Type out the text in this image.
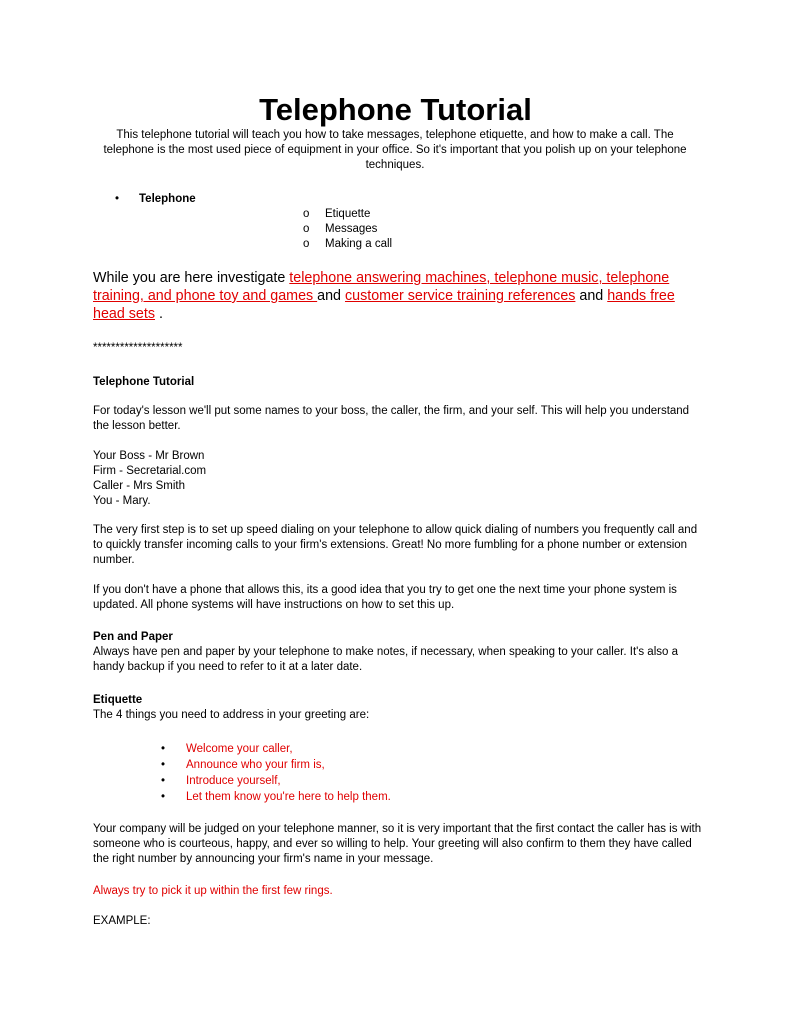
Telephone Tutorial

This telephone tutorial will teach you how to take messages, telephone etiquette, and how to make a call. The telephone is the most used piece of equipment in your office. So it's important that you polish up on your telephone techniques.

• Telephone
o Etiquette
o Messages
o Making a call

While you are here investigate telephone answering machines, telephone music, telephone training, and phone toy and games and customer service training references and hands free head sets .

********************

Telephone Tutorial

For today's lesson we'll put some names to your boss, the caller, the firm, and your self. This will help you understand the lesson better.

Your Boss - Mr Brown
Firm - Secretarial.com
Caller - Mrs Smith
You - Mary.

The very first step is to set up speed dialing on your telephone to allow quick dialing of numbers you frequently call and to quickly transfer incoming calls to your firm's extensions. Great! No more fumbling for a phone number or extension number.

If you don't have a phone that allows this, its a good idea that you try to get one the next time your phone system is updated. All phone systems will have instructions on how to set this up.

Pen and Paper
Always have pen and paper by your telephone to make notes, if necessary, when speaking to your caller. It's also a handy backup if you need to refer to it at a later date.
Etiquette
The 4 things you need to address in your greeting are:
• Welcome your caller,
• Announce who your firm is,
• Introduce yourself,
• Let them know you're here to help them.

Your company will be judged on your telephone manner, so it is very important that the first contact the caller has is with someone who is courteous, happy, and ever so willing to help. Your greeting will also confirm to them they have called the right number by announcing your firm's name in your message.

Always try to pick it up within the first few rings.

EXAMPLE:
